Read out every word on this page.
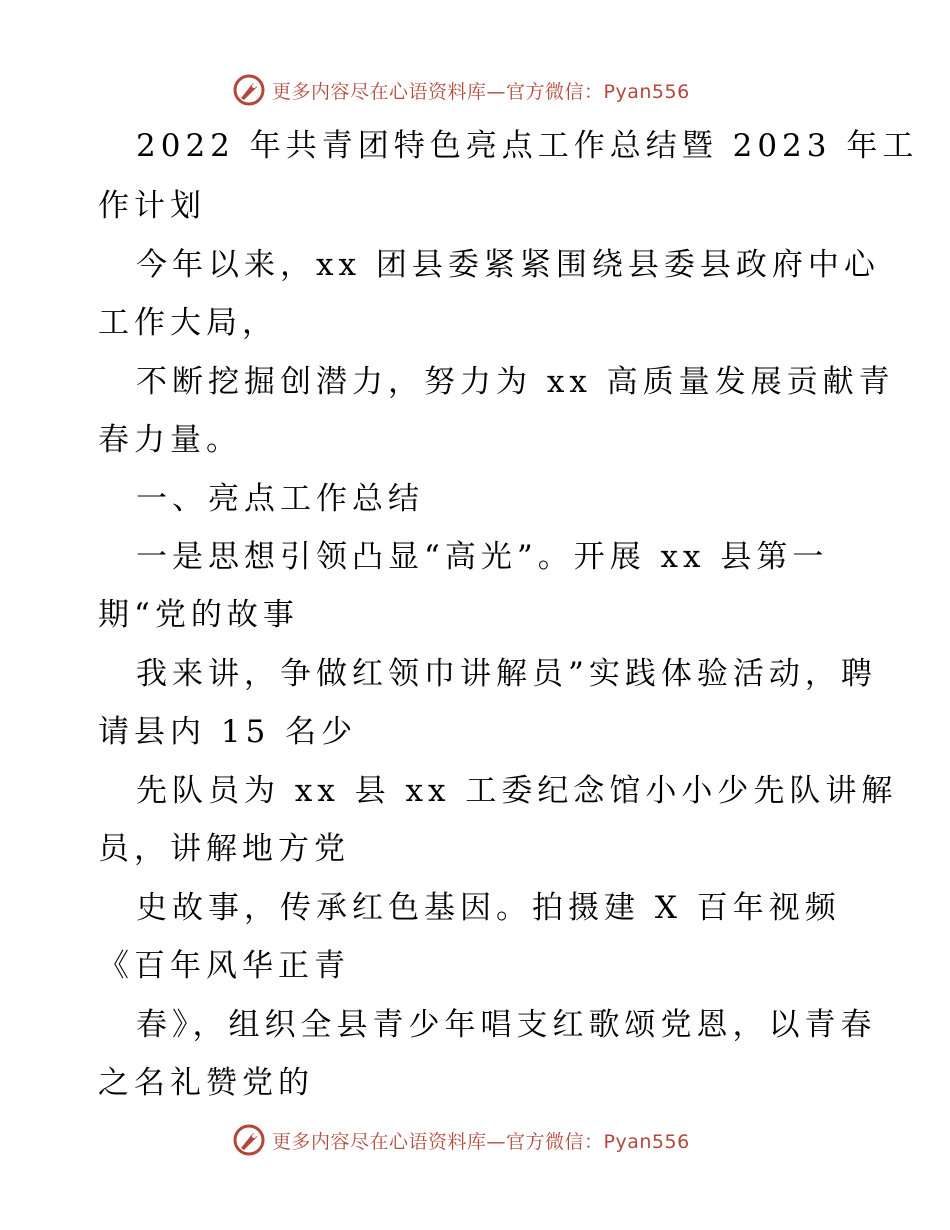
更多内容尽在心语资料库—官方微信：Pyan556
2022 年共青团特色亮点工作总结暨 2023 年工
作计划
今年以来，xx 团县委紧紧围绕县委县政府中心
工作大局，
不断挖掘创潜力，努力为 xx 高质量发展贡献青
春力量。
一、亮点工作总结
一是思想引领凸显“高光”。开展 xx 县第一
期“党的故事
我来讲，争做红领巾讲解员”实践体验活动，聘
请县内 15 名少
先队员为 xx 县 xx 工委纪念馆小小少先队讲解
员，讲解地方党
史故事，传承红色基因。拍摄建 X 百年视频
《百年风华正青
春》，组织全县青少年唱支红歌颂党恩，以青春
之名礼赞党的
更多内容尽在心语资料库—官方微信：Pyan556
